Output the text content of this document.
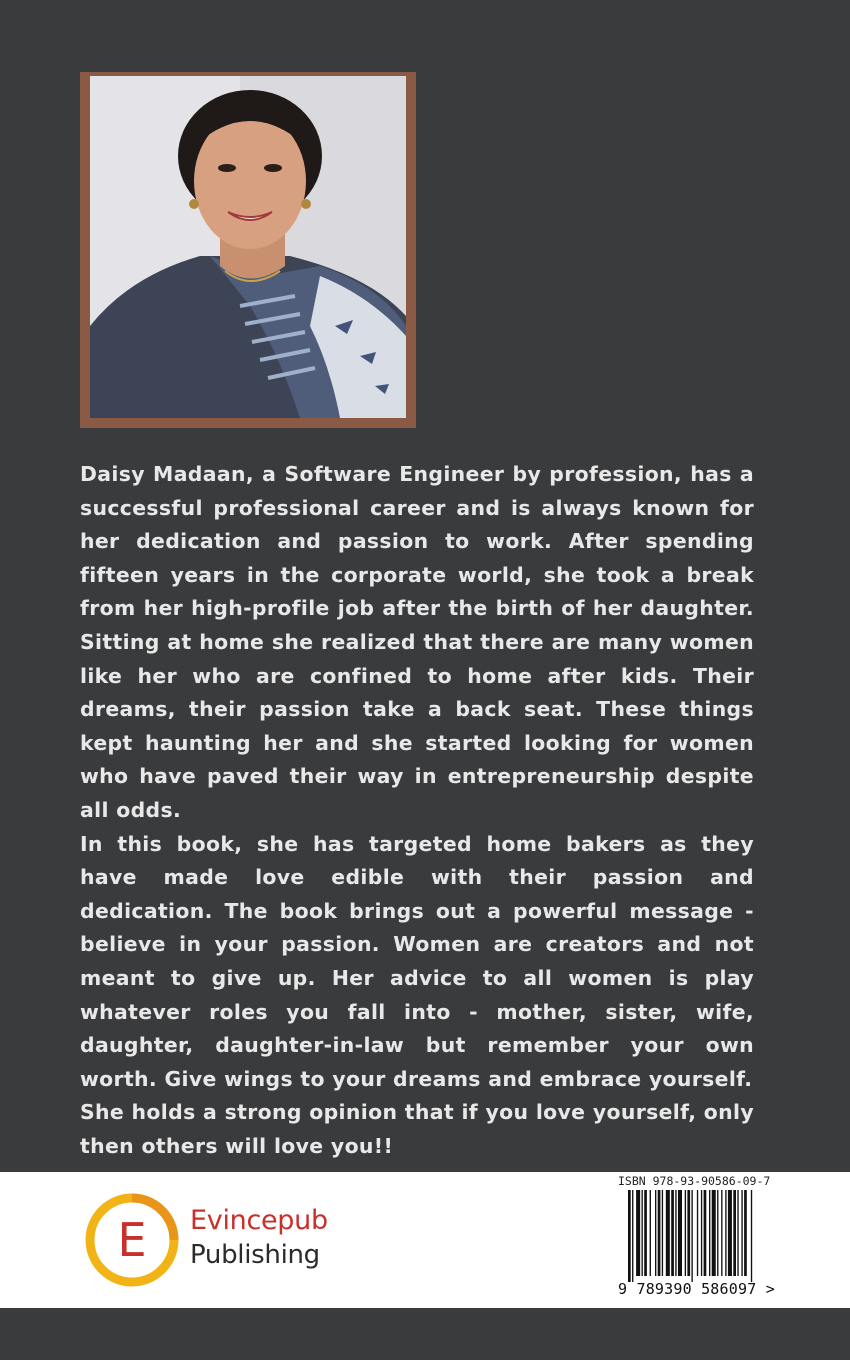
Daisy Madaan, a Software Engineer by profession, has a successful professional career and is always known for her dedication and passion to work. After spending fifteen years in the corporate world, she took a break from her high-profile job after the birth of her daughter. Sitting at home she realized that there are many women like her who are confined to home after kids. Their dreams, their passion take a back seat. These things kept haunting her and she started looking for women who have paved their way in entrepreneurship despite all odds.

In this book, she has targeted home bakers as they have made love edible with their passion and dedication. The book brings out a powerful message - believe in your passion. Women are creators and not meant to give up. Her advice to all women is play whatever roles you fall into - mother, sister, wife, daughter, daughter-in-law but remember your own worth. Give wings to your dreams and embrace yourself.

She holds a strong opinion that if you love yourself, only then others will love you!!

E Evincepub
Publishing
ISBN 978-93-90586-09-7
9 789390 586097 >
